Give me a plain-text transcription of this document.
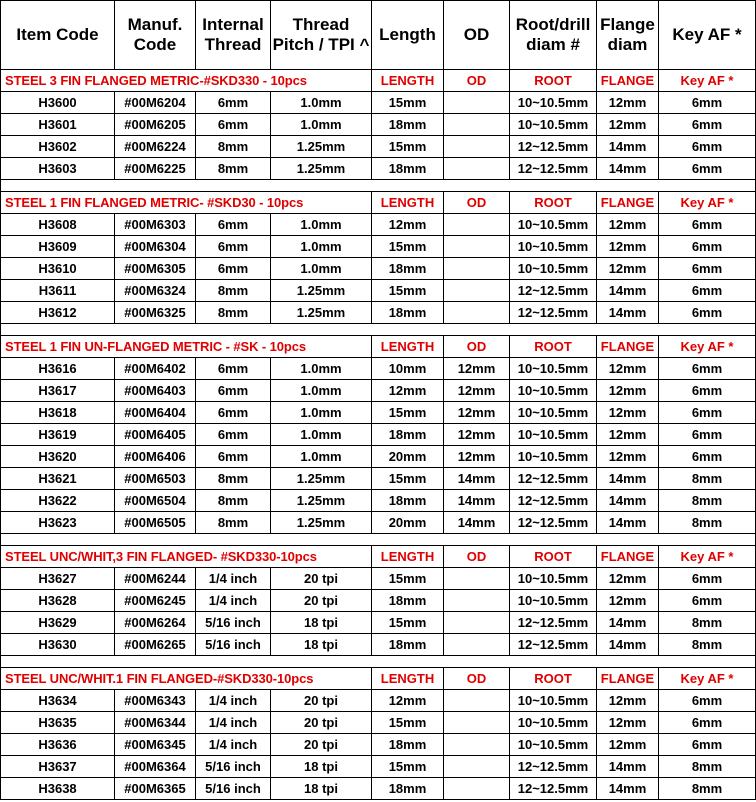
Item Code	Manuf. Code	Internal Thread	Thread Pitch / TPI ^	Length	OD	Root/drill diam #	Flange diam	Key AF *
STEEL 3 FIN FLANGED METRIC-#SKD330 - 10pcs				LENGTH	OD	ROOT	FLANGE	Key AF *
H3600	#00M6204	6mm	1.0mm	15mm		10~10.5mm	12mm	6mm
H3601	#00M6205	6mm	1.0mm	18mm		10~10.5mm	12mm	6mm
H3602	#00M6224	8mm	1.25mm	15mm		12~12.5mm	14mm	6mm
H3603	#00M6225	8mm	1.25mm	18mm		12~12.5mm	14mm	6mm

STEEL 1 FIN FLANGED METRIC- #SKD30 - 10pcs				LENGTH	OD	ROOT	FLANGE	Key AF *
H3608	#00M6303	6mm	1.0mm	12mm		10~10.5mm	12mm	6mm
H3609	#00M6304	6mm	1.0mm	15mm		10~10.5mm	12mm	6mm
H3610	#00M6305	6mm	1.0mm	18mm		10~10.5mm	12mm	6mm
H3611	#00M6324	8mm	1.25mm	15mm		12~12.5mm	14mm	6mm
H3612	#00M6325	8mm	1.25mm	18mm		12~12.5mm	14mm	6mm

STEEL 1 FIN UN-FLANGED METRIC - #SK - 10pcs				LENGTH	OD	ROOT	FLANGE	Key AF *
H3616	#00M6402	6mm	1.0mm	10mm	12mm	10~10.5mm	12mm	6mm
H3617	#00M6403	6mm	1.0mm	12mm	12mm	10~10.5mm	12mm	6mm
H3618	#00M6404	6mm	1.0mm	15mm	12mm	10~10.5mm	12mm	6mm
H3619	#00M6405	6mm	1.0mm	18mm	12mm	10~10.5mm	12mm	6mm
H3620	#00M6406	6mm	1.0mm	20mm	12mm	10~10.5mm	12mm	6mm
H3621	#00M6503	8mm	1.25mm	15mm	14mm	12~12.5mm	14mm	8mm
H3622	#00M6504	8mm	1.25mm	18mm	14mm	12~12.5mm	14mm	8mm
H3623	#00M6505	8mm	1.25mm	20mm	14mm	12~12.5mm	14mm	8mm

STEEL UNC/WHIT,3 FIN FLANGED- #SKD330-10pcs				LENGTH	OD	ROOT	FLANGE	Key AF *
H3627	#00M6244	1/4 inch	20 tpi	15mm		10~10.5mm	12mm	6mm
H3628	#00M6245	1/4 inch	20 tpi	18mm		10~10.5mm	12mm	6mm
H3629	#00M6264	5/16 inch	18 tpi	15mm		12~12.5mm	14mm	8mm
H3630	#00M6265	5/16 inch	18 tpi	18mm		12~12.5mm	14mm	8mm

STEEL UNC/WHIT.1 FIN FLANGED-#SKD330-10pcs				LENGTH	OD	ROOT	FLANGE	Key AF *
H3634	#00M6343	1/4 inch	20 tpi	12mm		10~10.5mm	12mm	6mm
H3635	#00M6344	1/4 inch	20 tpi	15mm		10~10.5mm	12mm	6mm
H3636	#00M6345	1/4 inch	20 tpi	18mm		10~10.5mm	12mm	6mm
H3637	#00M6364	5/16 inch	18 tpi	15mm		12~12.5mm	14mm	8mm
H3638	#00M6365	5/16 inch	18 tpi	18mm		12~12.5mm	14mm	8mm
